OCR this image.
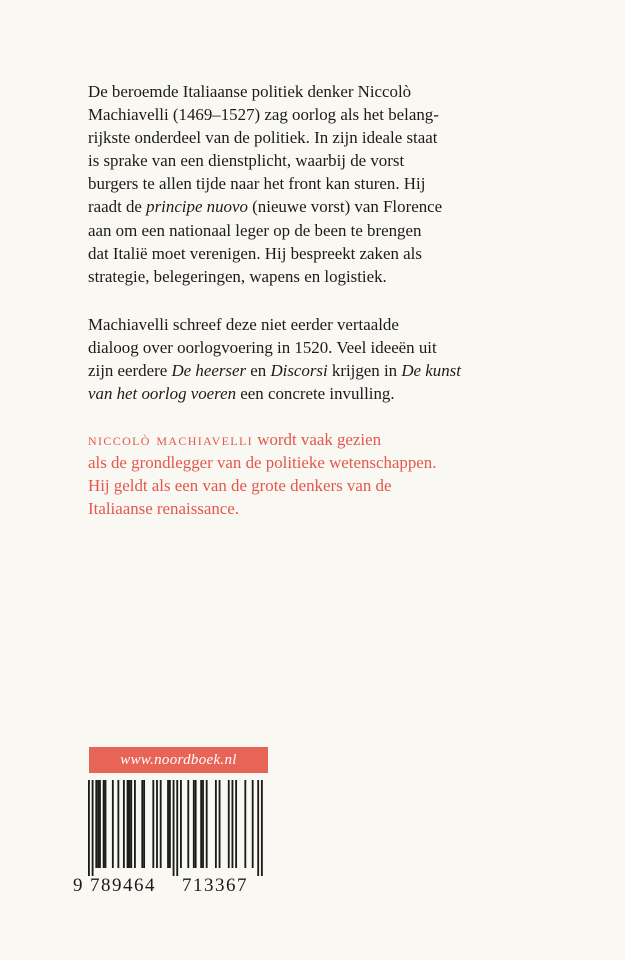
De beroemde Italiaanse politiek denker Niccolò
Machiavelli (1469–1527) zag oorlog als het belang-
rijkste onderdeel van de politiek. In zijn ideale staat
is sprake van een dienstplicht, waarbij de vorst
burgers te allen tijde naar het front kan sturen. Hij
raadt de principe nuovo (nieuwe vorst) van Florence
aan om een nationaal leger op de been te brengen
dat Italië moet verenigen. Hij bespreekt zaken als
strategie, belegeringen, wapens en logistiek.

Machiavelli schreef deze niet eerder vertaalde
dialoog over oorlogvoering in 1520. Veel ideeën uit
zijn eerdere De heerser en Discorsi krijgen in De kunst
van het oorlog voeren een concrete invulling.

niccolò machiavelli wordt vaak gezien
als de grondlegger van de politieke wetenschappen.
Hij geldt als een van de grote denkers van de
Italiaanse renaissance.

www.noordboek.nl
9 789464 713367
